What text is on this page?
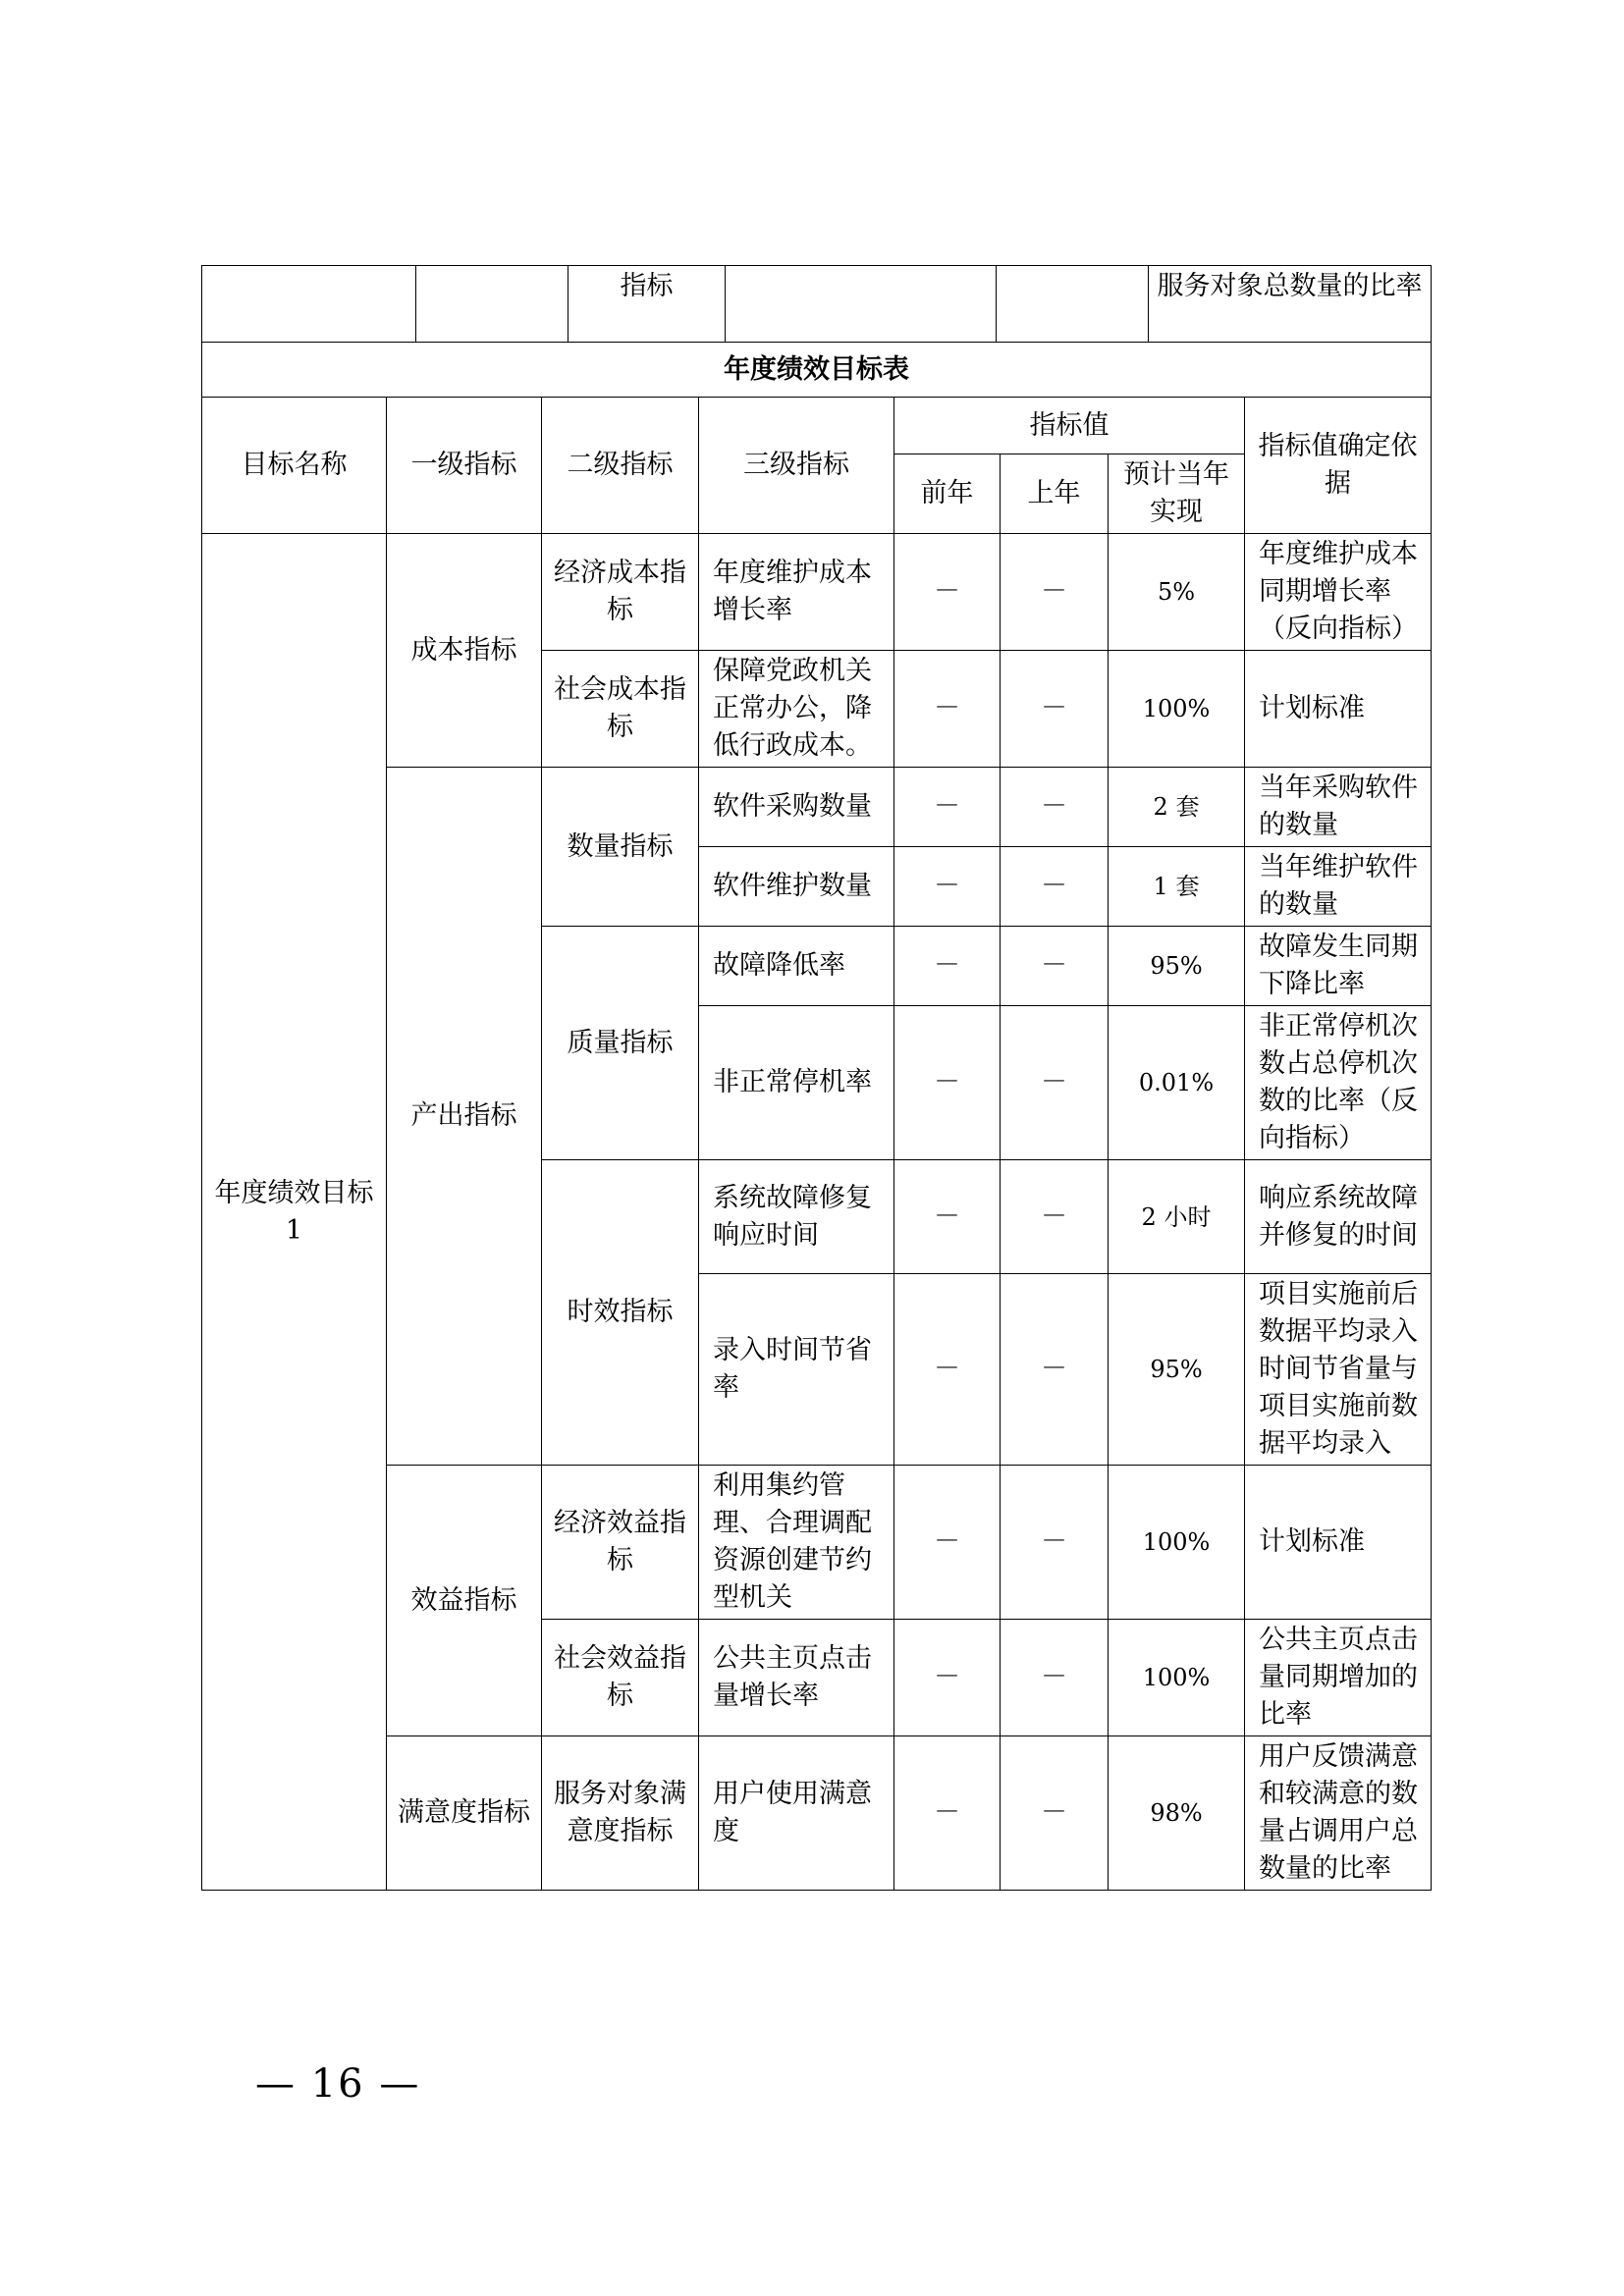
		指标			服务对象总数量的比率
年度绩效目标表							
目标名称	一级指标	二级指标	三级指标	指标值			指标值确定依据
				前年	上年	预计当年实现	
年度绩效目标1	成本指标	经济成本指标	年度维护成本增长率	－	－	5%	年度维护成本同期增长率（反向指标）
		社会成本指标	保障党政机关正常办公，降低行政成本。	－	－	100%	计划标准
	产出指标	数量指标	软件采购数量	－	－	2 套	当年采购软件的数量
			软件维护数量	－	－	1 套	当年维护软件的数量
		质量指标	故障降低率	－	－	95%	故障发生同期下降比率
			非正常停机率	－	－	0.01%	非正常停机次数占总停机次数的比率（反向指标）
		时效指标	系统故障修复响应时间	－	－	2 小时	响应系统故障并修复的时间
			录入时间节省率	－	－	95%	项目实施前后数据平均录入时间节省量与项目实施前数据平均录入
	效益指标	经济效益指标	利用集约管理、合理调配资源创建节约型机关	－	－	100%	计划标准
		社会效益指标	公共主页点击量增长率	－	－	100%	公共主页点击量同期增加的比率
	满意度指标	服务对象满意度指标	用户使用满意度	－	－	98%	用户反馈满意和较满意的数量占调用户总数量的比率
— 16 —
